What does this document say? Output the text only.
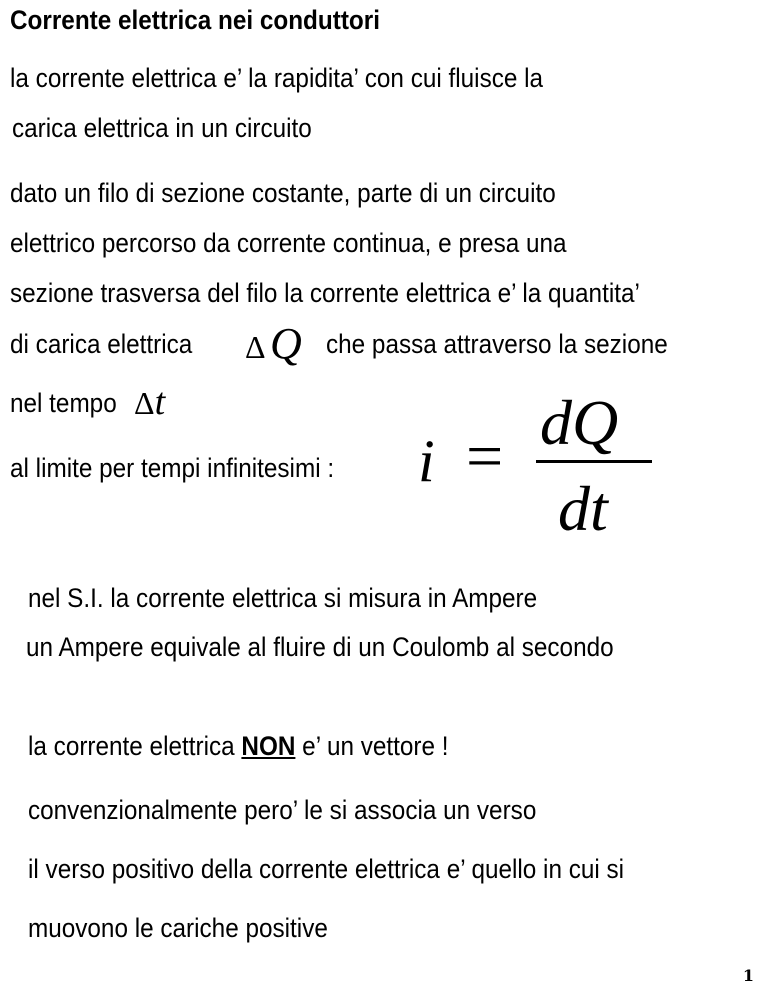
Corrente elettrica nei conduttori
la corrente elettrica e’ la rapidita’ con cui fluisce la
carica elettrica in un circuito
dato un filo di sezione costante, parte di un circuito
elettrico percorso da corrente continua, e presa una
sezione trasversa del filo la corrente elettrica e’ la quantita’
di carica elettrica Δ Q che passa attraverso la sezione
nel tempo Δt
al limite per tempi infinitesimi : i = dQ
dt
nel S.I. la corrente elettrica si misura in Ampere
un Ampere equivale al fluire di un Coulomb al secondo
la corrente elettrica NON e’ un vettore !
convenzionalmente pero’ le si associa un verso
il verso positivo della corrente elettrica e’ quello in cui si
muovono le cariche positive
1
